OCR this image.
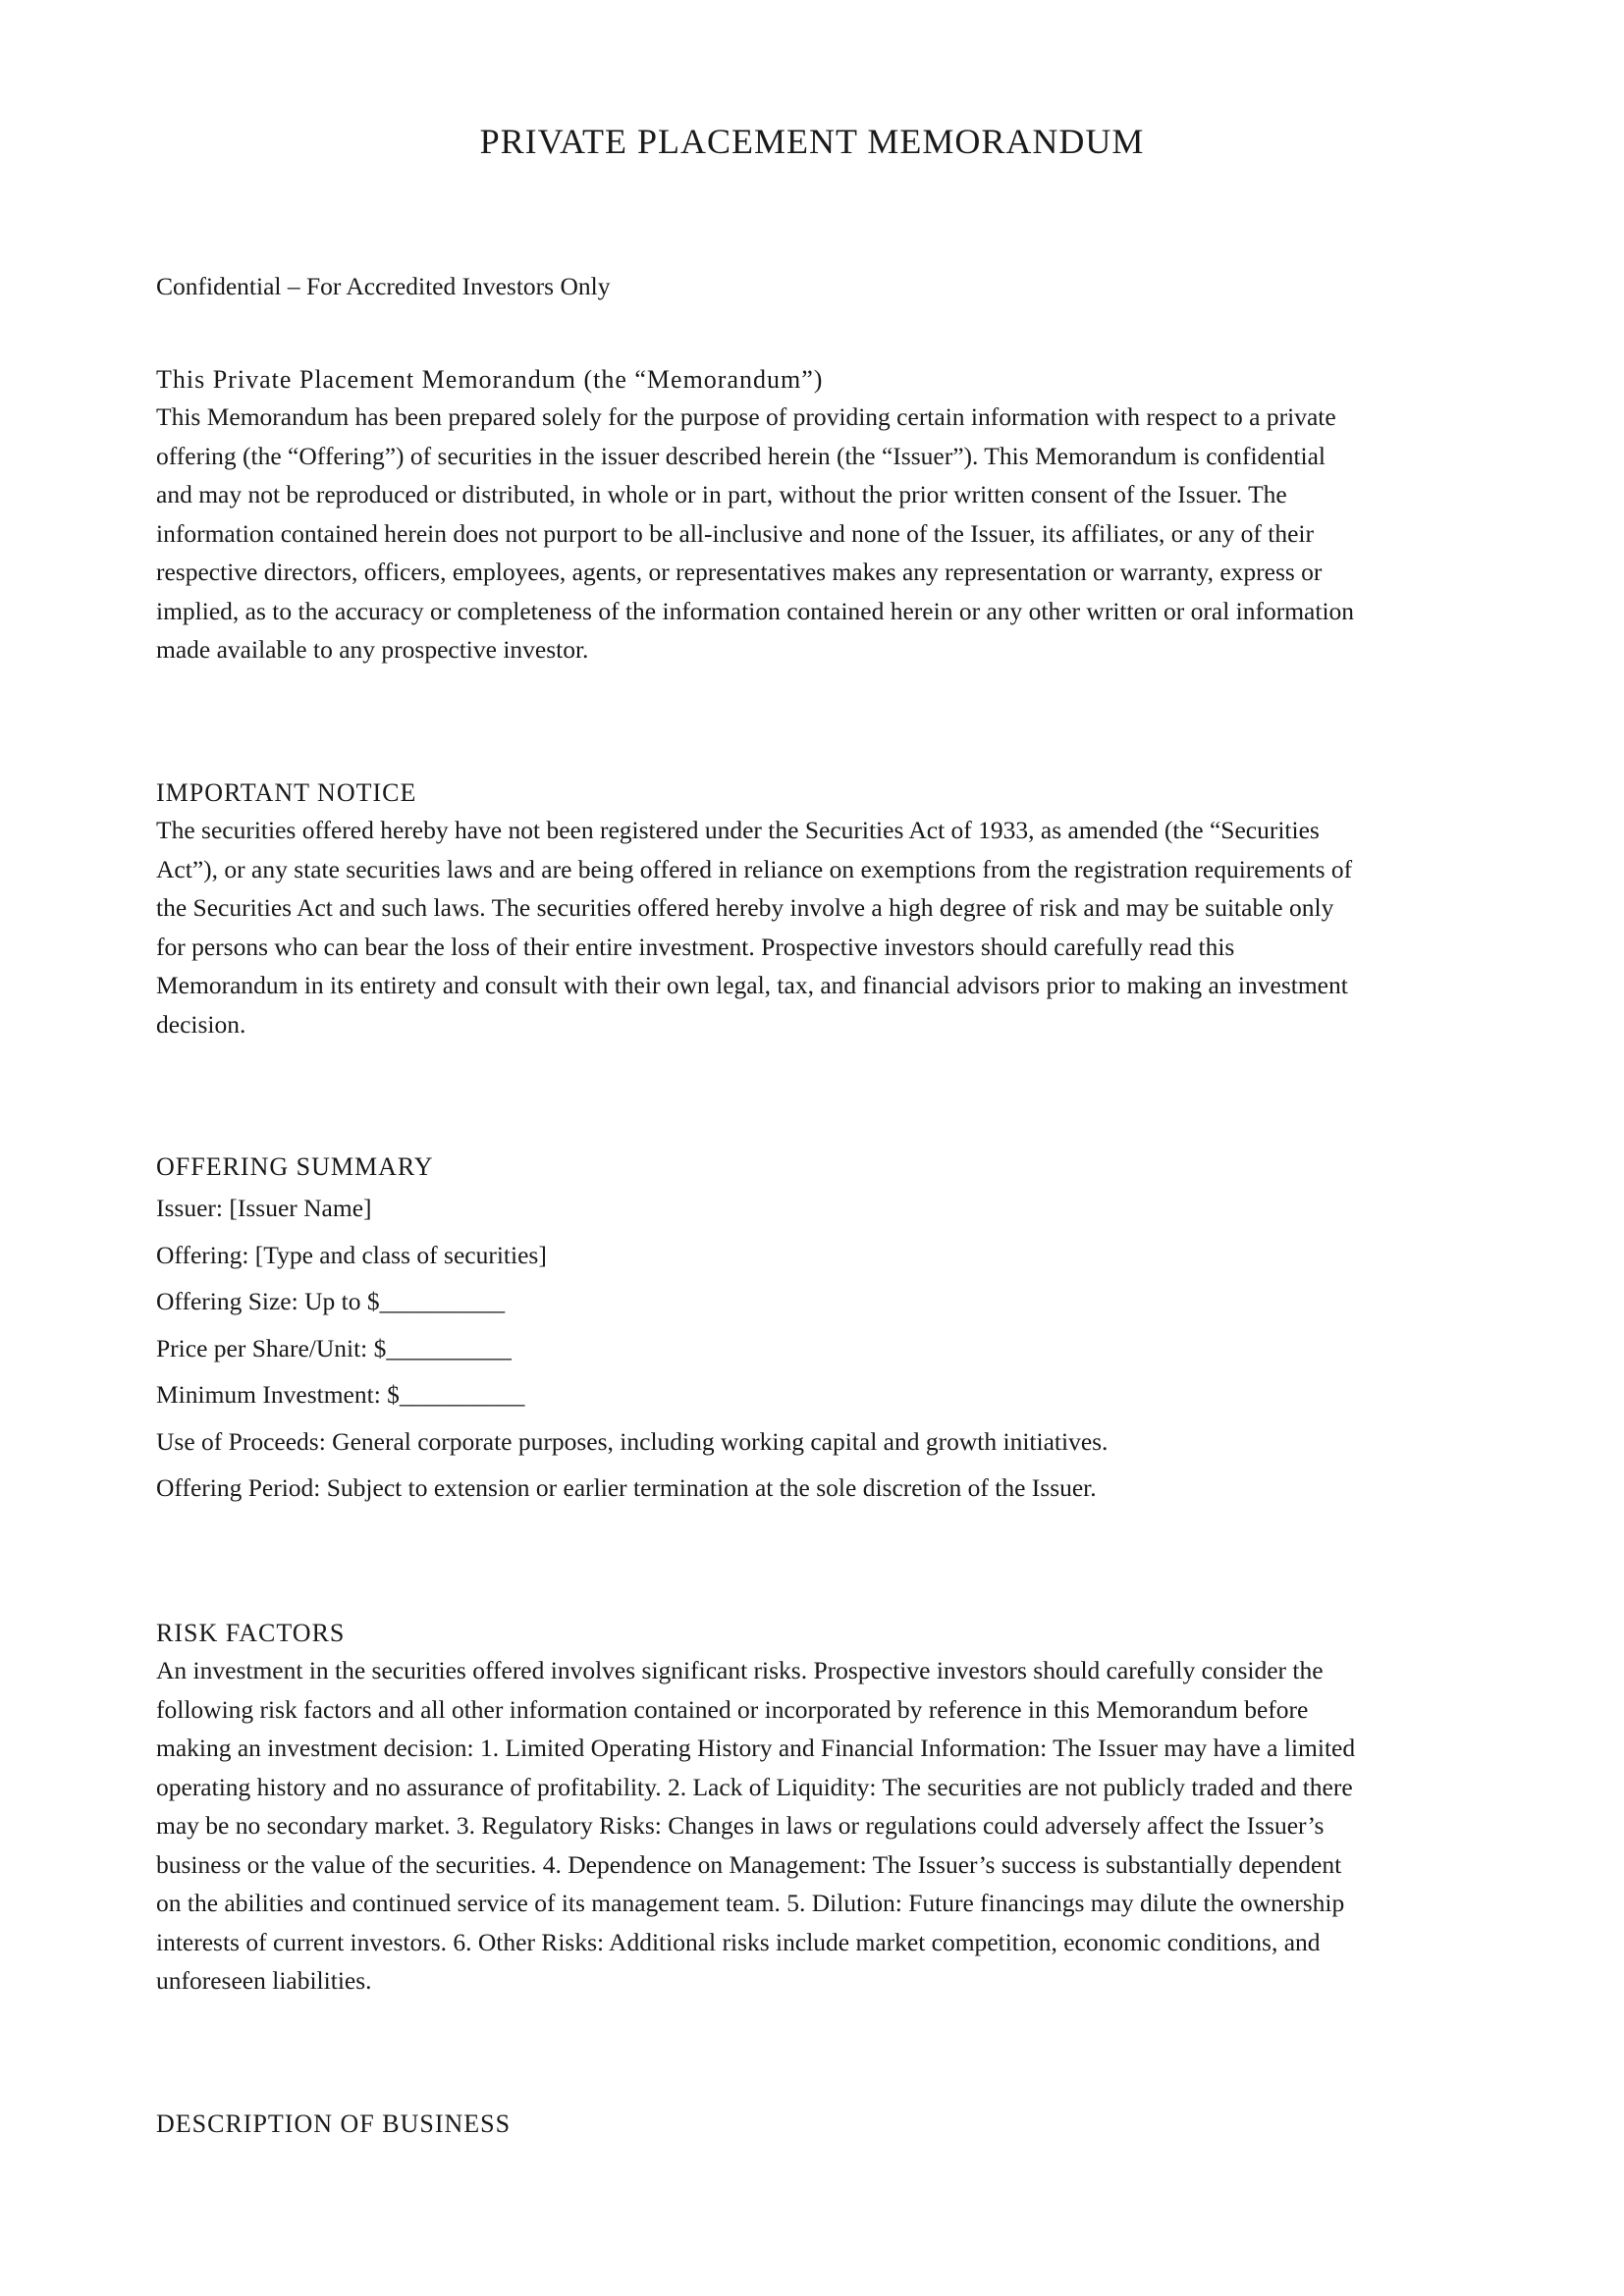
PRIVATE PLACEMENT MEMORANDUM
Confidential – For Accredited Investors Only
This Private Placement Memorandum (the “Memorandum”)
This Memorandum has been prepared solely for the purpose of providing certain information with respect to a private
offering (the “Offering”) of securities in the issuer described herein (the “Issuer”). This Memorandum is confidential
and may not be reproduced or distributed, in whole or in part, without the prior written consent of the Issuer. The
information contained herein does not purport to be all-inclusive and none of the Issuer, its affiliates, or any of their
respective directors, officers, employees, agents, or representatives makes any representation or warranty, express or
implied, as to the accuracy or completeness of the information contained herein or any other written or oral information
made available to any prospective investor.
IMPORTANT NOTICE
The securities offered hereby have not been registered under the Securities Act of 1933, as amended (the “Securities
Act”), or any state securities laws and are being offered in reliance on exemptions from the registration requirements of
the Securities Act and such laws. The securities offered hereby involve a high degree of risk and may be suitable only
for persons who can bear the loss of their entire investment. Prospective investors should carefully read this
Memorandum in its entirety and consult with their own legal, tax, and financial advisors prior to making an investment
decision.
OFFERING SUMMARY
Issuer: [Issuer Name]
Offering: [Type and class of securities]
Offering Size: Up to $__________
Price per Share/Unit: $__________
Minimum Investment: $__________
Use of Proceeds: General corporate purposes, including working capital and growth initiatives.
Offering Period: Subject to extension or earlier termination at the sole discretion of the Issuer.
RISK FACTORS
An investment in the securities offered involves significant risks. Prospective investors should carefully consider the
following risk factors and all other information contained or incorporated by reference in this Memorandum before
making an investment decision: 1. Limited Operating History and Financial Information: The Issuer may have a limited
operating history and no assurance of profitability. 2. Lack of Liquidity: The securities are not publicly traded and there
may be no secondary market. 3. Regulatory Risks: Changes in laws or regulations could adversely affect the Issuer’s
business or the value of the securities. 4. Dependence on Management: The Issuer’s success is substantially dependent
on the abilities and continued service of its management team. 5. Dilution: Future financings may dilute the ownership
interests of current investors. 6. Other Risks: Additional risks include market competition, economic conditions, and
unforeseen liabilities.
DESCRIPTION OF BUSINESS
